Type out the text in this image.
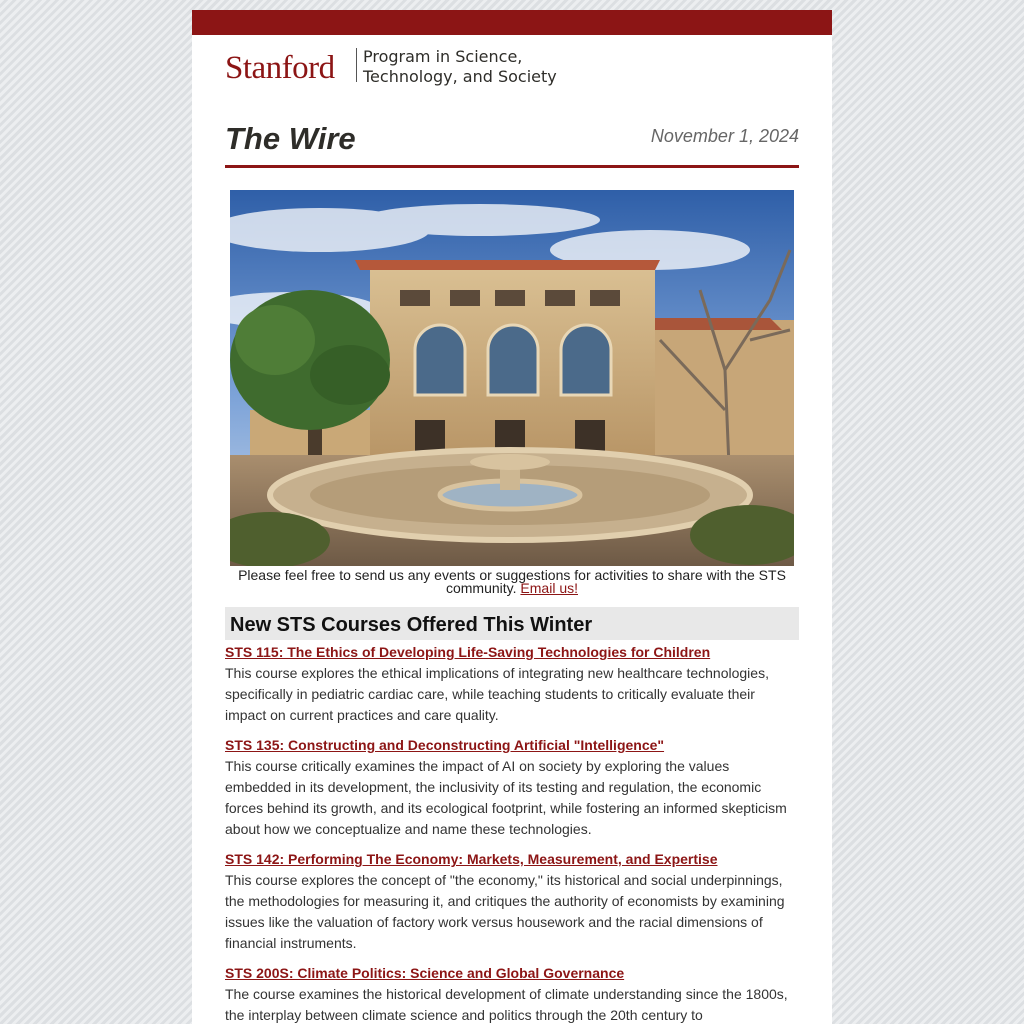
Stanford Program in Science,
Technology, and Society
The Wire	November 1, 2024
Please feel free to send us any events or suggestions for activities to share with the STS community. Email us!
New STS Courses Offered This Winter
STS 115: The Ethics of Developing Life-Saving Technologies for Children

This course explores the ethical implications of integrating new healthcare technologies, specifically in pediatric cardiac care, while teaching students to critically evaluate their impact on current practices and care quality.

STS 135: Constructing and Deconstructing Artificial "Intelligence"

This course critically examines the impact of AI on society by exploring the values embedded in its development, the inclusivity of its testing and regulation, the economic forces behind its growth, and its ecological footprint, while fostering an informed skepticism about how we conceptualize and name these technologies.

STS 142: Performing The Economy: Markets, Measurement, and Expertise

This course explores the concept of "the economy," its historical and social underpinnings, the methodologies for measuring it, and critiques the authority of economists by examining issues like the valuation of factory work versus housework and the racial dimensions of financial instruments.

STS 200S: Climate Politics: Science and Global Governance

The course examines the historical development of climate understanding since the 1800s, the interplay between climate science and politics through the 20th century to
